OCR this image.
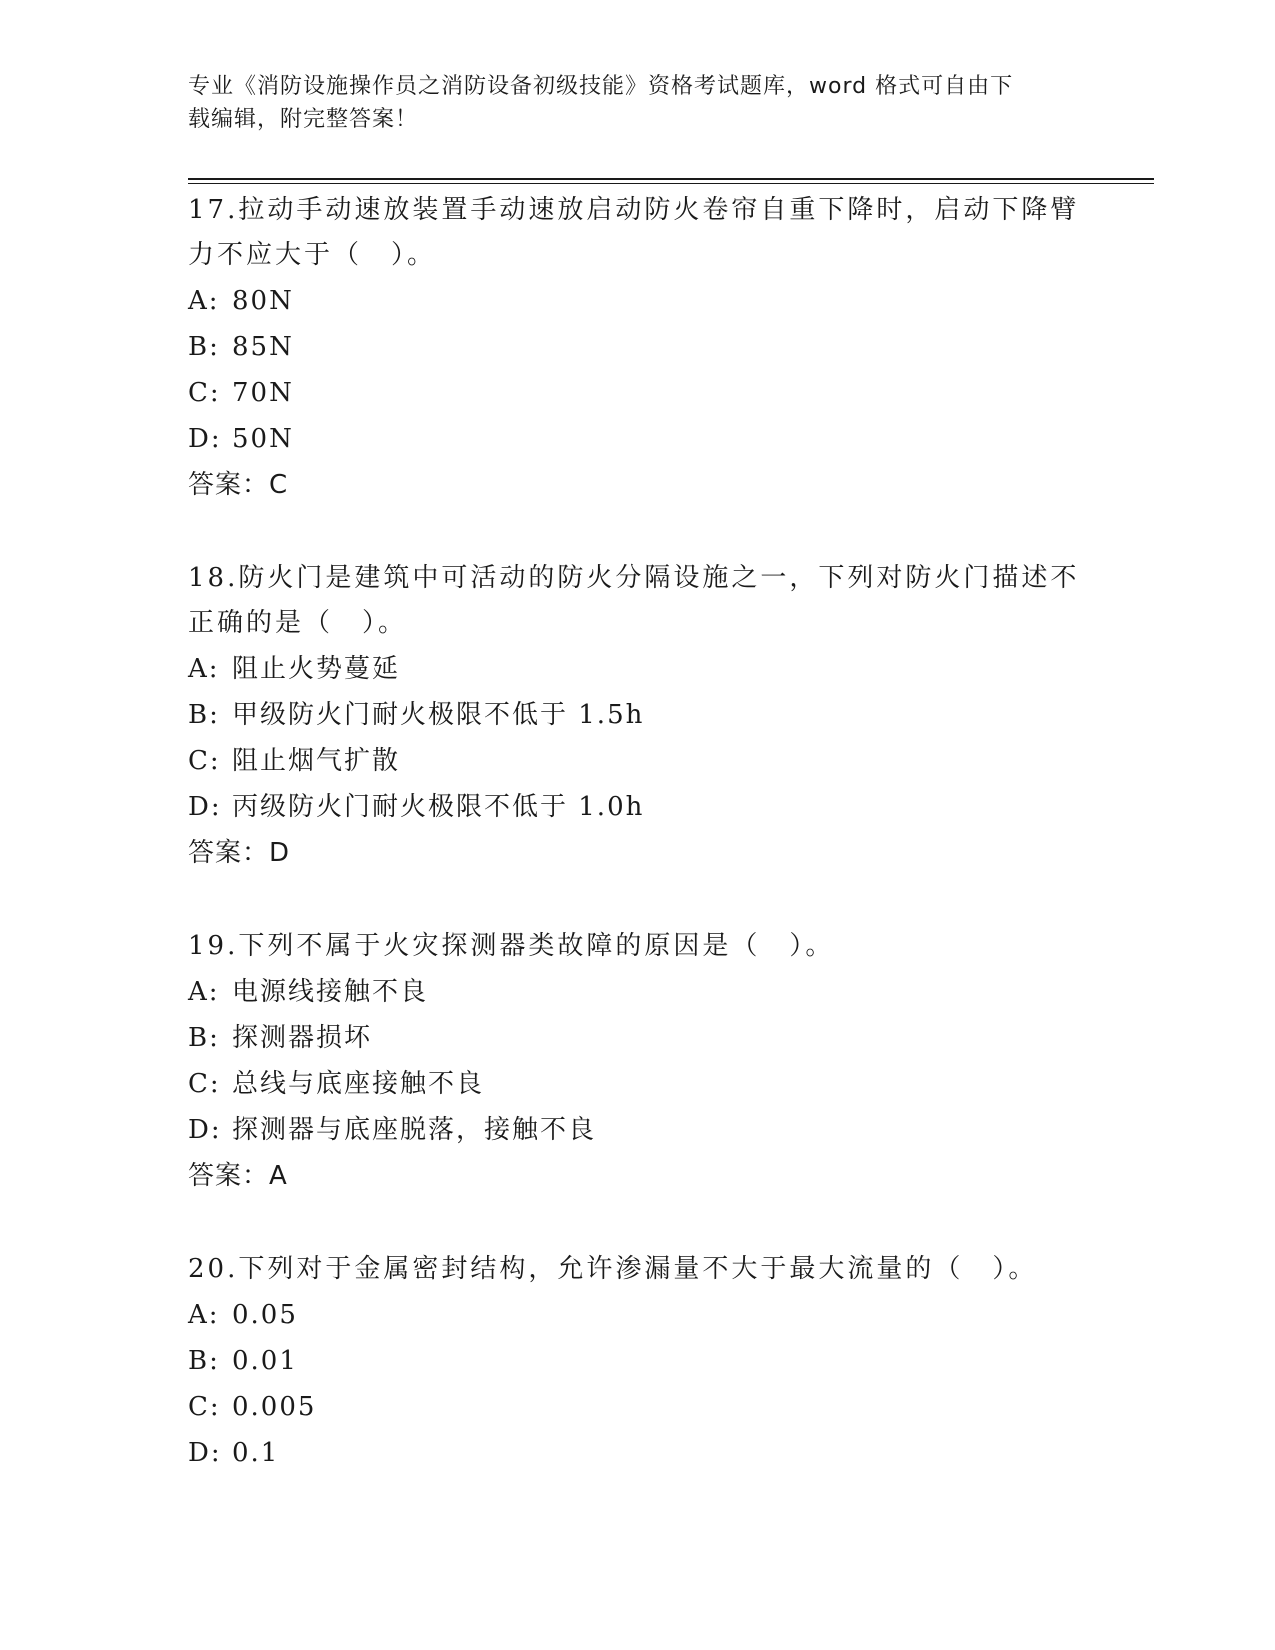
专业《消防设施操作员之消防设备初级技能》资格考试题库，word 格式可自由下
载编辑，附完整答案！

17.拉动手动速放装置手动速放启动防火卷帘自重下降时，启动下降臂

力不应大于（　）。

A: 80N

B: 85N

C: 70N

D: 50N

答案：C

18.防火门是建筑中可活动的防火分隔设施之一，下列对防火门描述不

正确的是（　）。

A: 阻止火势蔓延

B: 甲级防火门耐火极限不低于 1.5h

C: 阻止烟气扩散

D: 丙级防火门耐火极限不低于 1.0h

答案：D

19.下列不属于火灾探测器类故障的原因是（　）。

A: 电源线接触不良

B: 探测器损坏

C: 总线与底座接触不良

D: 探测器与底座脱落，接触不良

答案：A

20.下列对于金属密封结构，允许渗漏量不大于最大流量的（　）。

A: 0.05

B: 0.01

C: 0.005

D: 0.1
